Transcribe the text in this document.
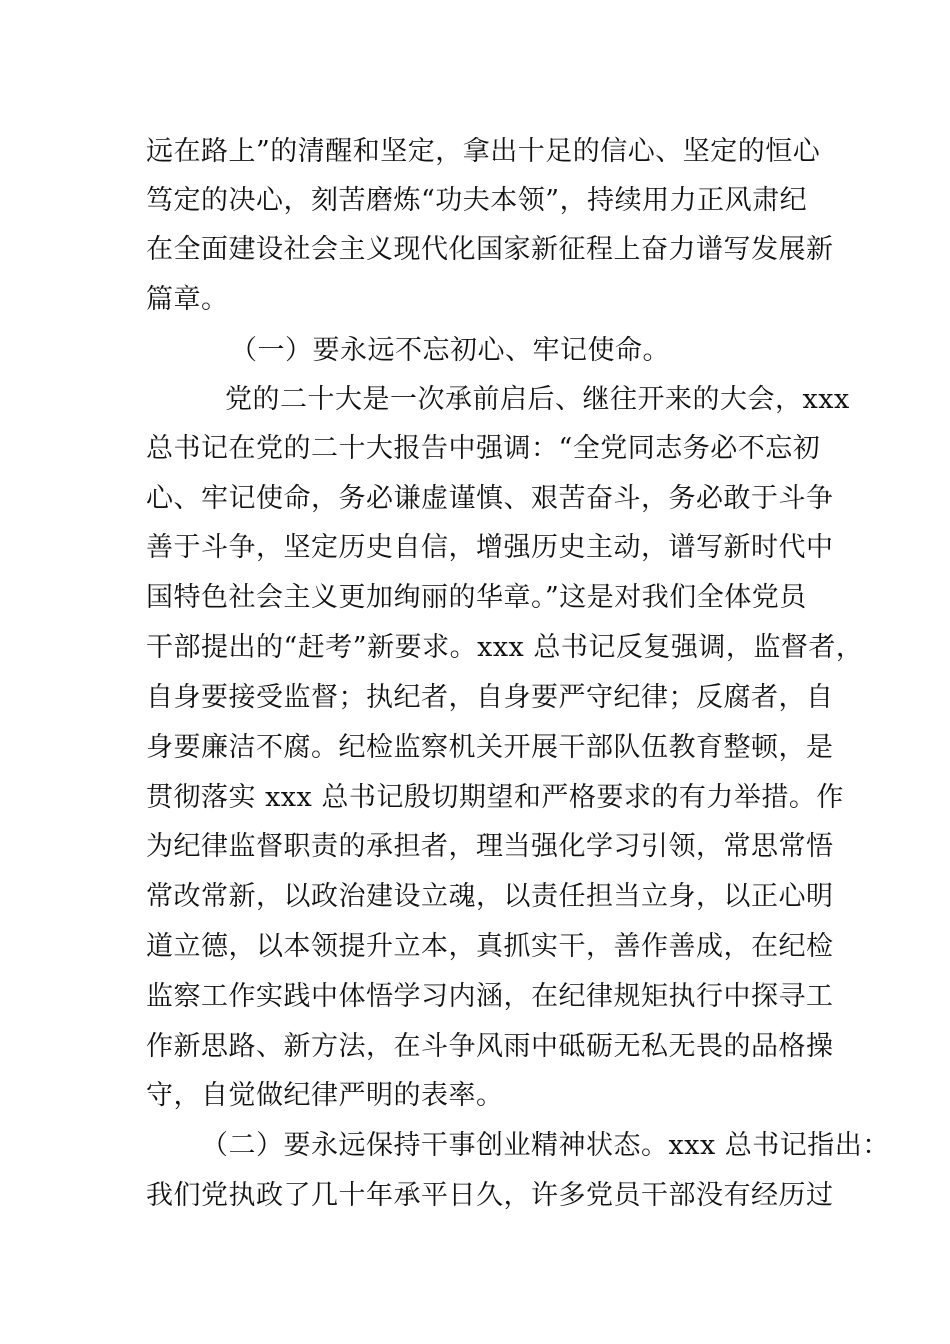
远在路上”的清醒和坚定，拿出十足的信心、坚定的恒心
笃定的决心，刻苦磨炼“功夫本领”，持续用力正风肃纪
在全面建设社会主义现代化国家新征程上奋力谱写发展新
篇章。
（一）要永远不忘初心、牢记使命。
党的二十大是一次承前启后、继往开来的大会，xxx
总书记在党的二十大报告中强调：“全党同志务必不忘初
心、牢记使命，务必谦虚谨慎、艰苦奋斗，务必敢于斗争
善于斗争，坚定历史自信，增强历史主动，谱写新时代中
国特色社会主义更加绚丽的华章。”这是对我们全体党员
干部提出的“赶考”新要求。xxx 总书记反复强调，监督者，
自身要接受监督；执纪者，自身要严守纪律；反腐者，自
身要廉洁不腐。纪检监察机关开展干部队伍教育整顿，是
贯彻落实 xxx 总书记殷切期望和严格要求的有力举措。作
为纪律监督职责的承担者，理当强化学习引领，常思常悟
常改常新，以政治建设立魂，以责任担当立身，以正心明
道立德，以本领提升立本，真抓实干，善作善成，在纪检
监察工作实践中体悟学习内涵，在纪律规矩执行中探寻工
作新思路、新方法，在斗争风雨中砥砺无私无畏的品格操
守，自觉做纪律严明的表率。
（二）要永远保持干事创业精神状态。xxx 总书记指出：
我们党执政了几十年承平日久，许多党员干部没有经历过
